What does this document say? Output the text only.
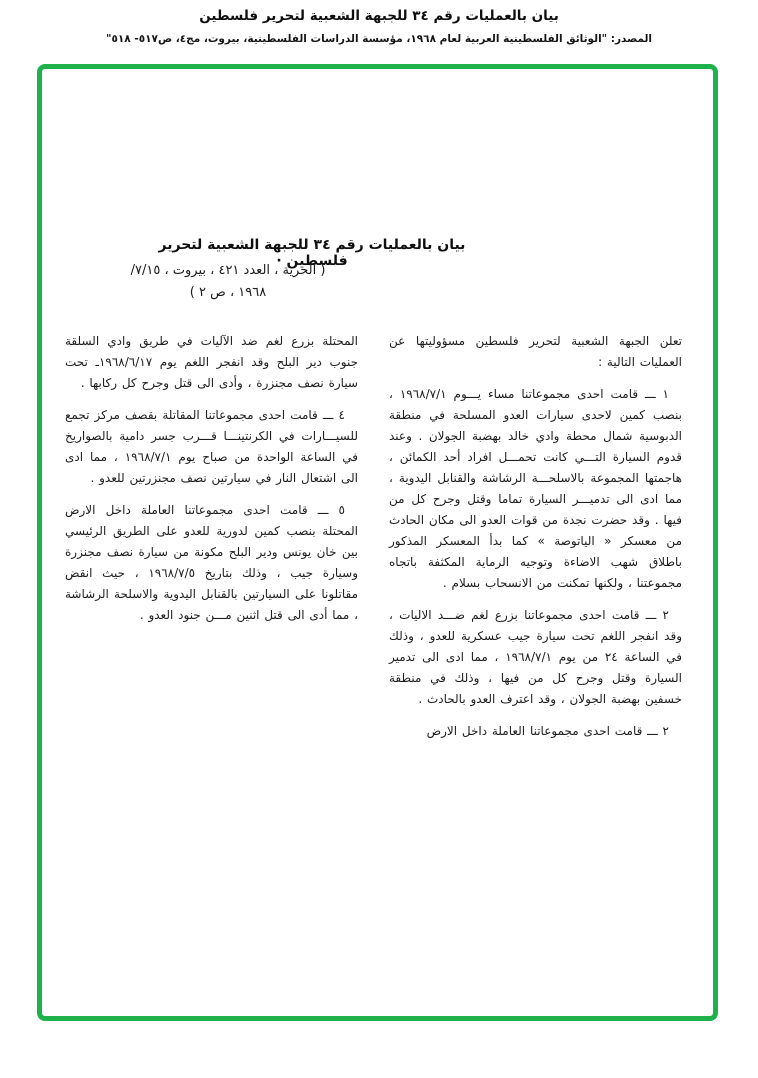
بيان بالعمليات رقم ٣٤ للجبهة الشعبية لتحرير فلسطين
المصدر: "الوثائق الفلسطينية العربية لعام ١٩٦٨، مؤسسة الدراسات الفلسطينية، بيروت، مج٤، ص٥١٧- ٥١٨"
بيان بالعمليات رقم ٣٤ للجبهة الشعبية لتحرير فلسطين ·
( الحرية ، العدد ٤٢١ ، بيروت ، ١٥‏/‏٧‏/
١٩٦٨ ، ص ٢ )

تعلن الجبهة الشعبية لتحرير فلسطين مسؤوليتها عن العمليات التالية :

١ ـــ قامت احدى مجموعاتنا مساء يـــوم ١٩٦٨/٧/١ ، بنصب كمين لاحدى سيارات العدو المسلحة في منطقة الدبوسية شمال محطة وادي خالد بهضبة الجولان . وعند قدوم السيارة التـــي كانت تحمـــل افراد أحد الكمائن ، هاجمتها المجموعة بالاسلحـــة الرشاشة والقنابل اليدوية ، مما ادى الى تدميـــر السيارة تماما وقتل وجرح كل من فيها . وقد حضرت نجدة من قوات العدو الى مكان الحادث من معسكر « الياتوصة » كما بدأ المعسكر المذكور باطلاق شهب الاضاءة وتوجيه الرماية المكثفة باتجاه مجموعتنا ، ولكنها تمكنت من الانسحاب بسلام .

٢ ـــ قامت احدى مجموعاتنا بزرع لغم ضـــد الاليات ، وقد انفجر اللغم تحت سيارة جيب عسكرية للعدو ، وذلك في الساعة ٢٤ من يوم ١٩٦٨/٧/١ ، مما ادى الى تدمير السيارة وقتل وجرح كل من فيها ، وذلك في منطقة خسفين بهضبة الجولان ، وقد اعترف العدو بالحادث .

٢ ـــ قامت احدى مجموعاتنا العاملة داخل الارض

المحتلة بزرع لغم ضد الآليات في طريق وادي السلقة جنوب دير البلح وقد انفجر اللغم يوم ١٩٦٨/٦/١٧ـ تحت سيارة نصف مجنزرة ، وأدى الى قتل وجرح كل ركابها .

٤ ـــ قامت احدى مجموعاتنا المقاتلة بقصف مركز تجمع للسيـــارات في الكرنتينـــا قـــرب جسر دامية بالصواريخ في الساعة الواحدة من صباح يوم ١٩٦٨/٧/١ ، مما ادى الى اشتعال النار في سيارتين نصف مجنزرتين للعدو .

٥ ـــ قامت احدى مجموعاتنا العاملة داخل الارض المحتلة بنصب كمين لدورية للعدو على الطريق الرئيسي بين خان يونس ودير البلح مكونة من سيارة نصف مجنزرة وسيارة جيب ، وذلك بتاريخ ١٩٦٨/٧/٥ ، حيث انقض مقاتلونا على السيارتين بالقنابل اليدوية والاسلحة الرشاشة ، مما أدى الى قتل اثنين مـــن جنود العدو .
